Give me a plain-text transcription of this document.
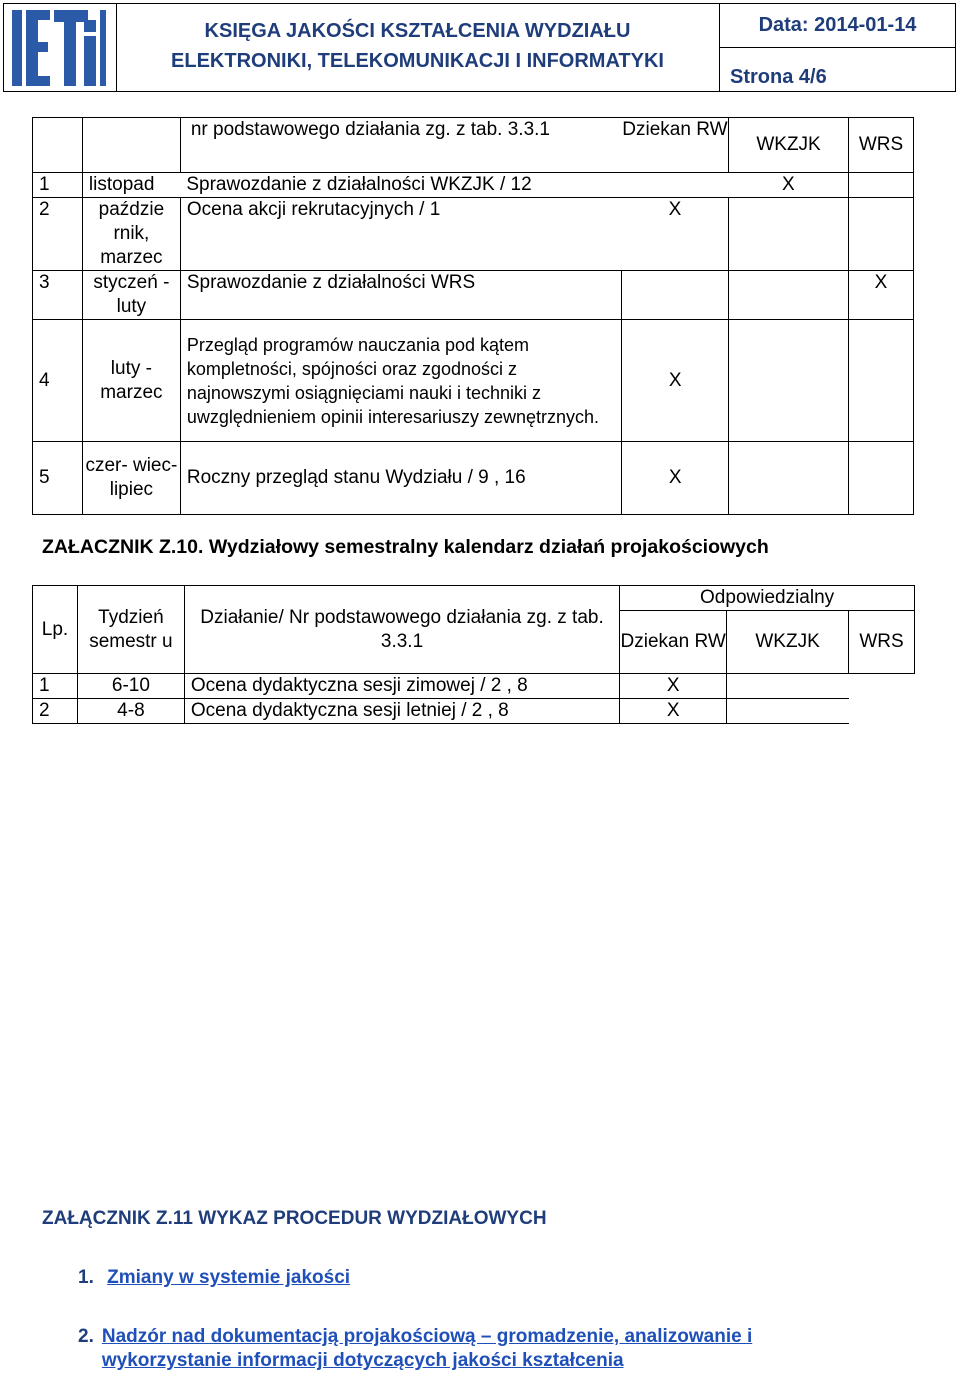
KSIĘGA JAKOŚCI KSZTAŁCENIA WYDZIAŁU
ELEKTRONIKI, TELEKOMUNIKACJI I INFORMATYKI
Data: 2014-01-14
Strona 4/6
		nr podstawowego działania zg. z tab. 3.3.1	Dziekan RW	WKZJK	WRS
1	listopad	Sprawozdanie z działalności WKZJK / 12		X	
2	paździe rnik, marzec	Ocena akcji rekrutacyjnych / 1	X		
3	styczeń - luty	Sprawozdanie z działalności WRS			X
4	luty - marzec	Przegląd programów nauczania pod kątem kompletności, spójności oraz zgodności z najnowszymi osiągnięciami nauki i techniki z uwzględnieniem opinii interesariuszy zewnętrznych.	X		
5	czer- wiec- lipiec	Roczny przegląd stanu Wydziału / 9 , 16	X		
ZAŁACZNIK Z.10. Wydziałowy semestralny kalendarz działań projakościowych
Lp.	Tydzień semestr u	Działanie/ Nr podstawowego działania zg. z tab. 3.3.1	Odpowiedzialny		
			Dziekan RW	WKZJK	WRS
1	6-10	Ocena dydaktyczna sesji zimowej / 2 , 8	X		
2	4-8	Ocena dydaktyczna sesji letniej / 2 , 8	X		
ZAŁĄCZNIK Z.11 WYKAZ PROCEDUR WYDZIAŁOWYCH
1. Zmiany w systemie jakości
2. Nadzór nad dokumentacją projakościową – gromadzenie, analizowanie i wykorzystanie informacji dotyczących jakości kształcenia
